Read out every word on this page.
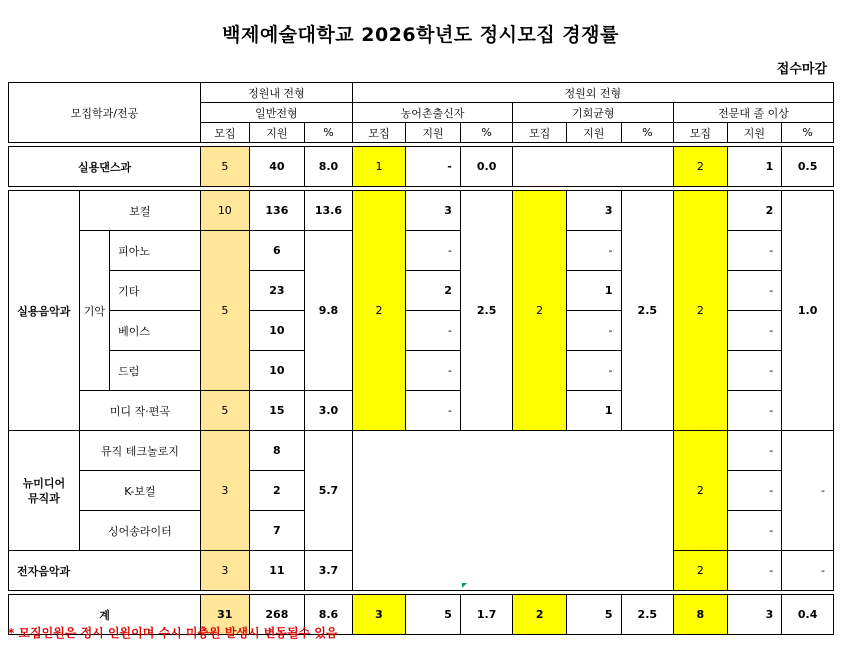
백제예술대학교 2026학년도 정시모집 경쟁률
접수마감
모집학과/전공			정원내 전형			정원외 전형								
			일반전형			농어촌출신자			기회균형			전문대 졸 이상		
			모집	지원	%	모집	지원	%	모집	지원	%	모집	지원	%

실용댄스과			5	40	8.0	1	-	0.0				2	1	0.5

실용음악과	보컬		10	136	13.6	2	3	2.5	2	3	2.5	2	2	1.0
	기악	피아노	5	6	9.8		-			-			-	
		기타		23			2			1			-	
		베이스		10			-			-			-	
		드럼		10			-			-			-	
	미디 작·편곡		5	15	3.0		-			1			-	

뉴미디어
뮤직과	뮤직 테크놀로지		3	8	5.7							2	-	-
	K-보컬			2									-	
	싱어송라이터			7									-	
전자음악과			3	11	3.7							2	-	-

계			31	268	8.6	3	5	1.7	2	5	2.5	8	3	0.4
* 모집인원은 정시 인원이며 수시 미충원 발생시 변동될수 있음
